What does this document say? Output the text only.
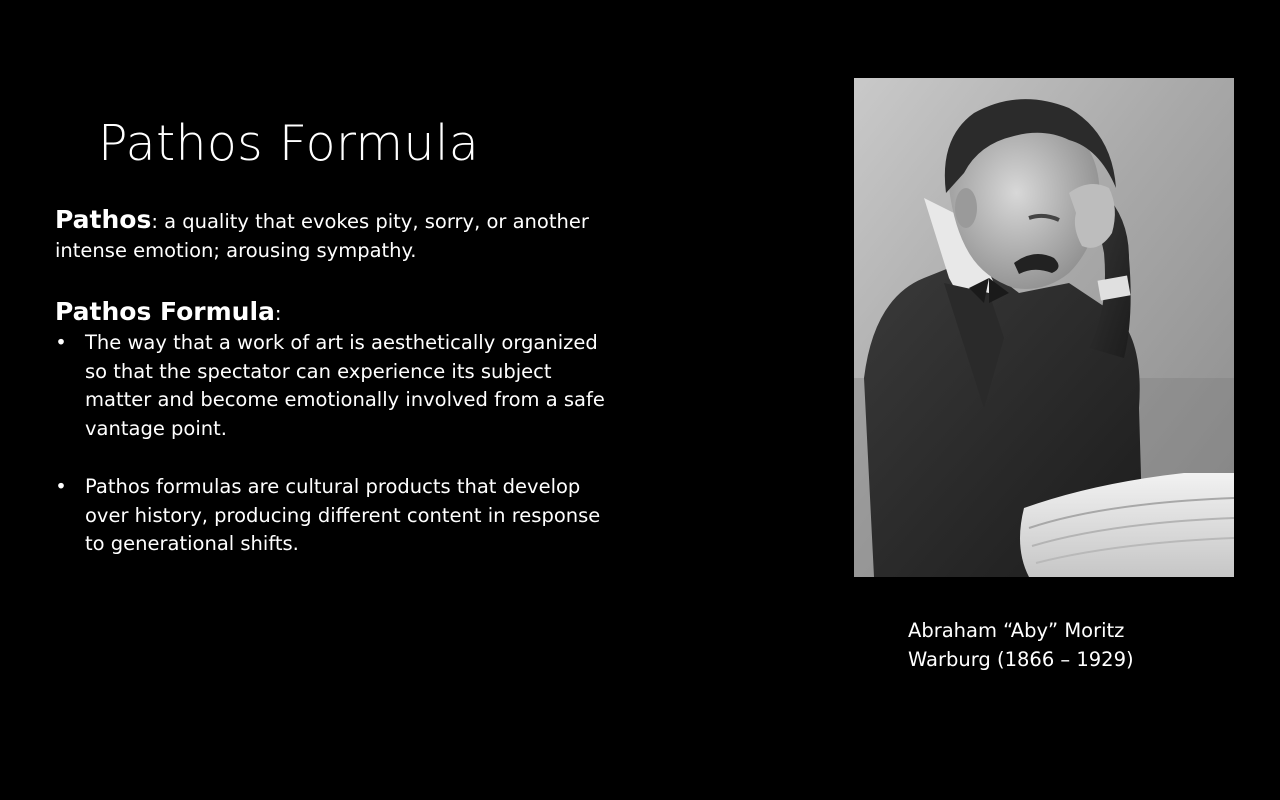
Pathos Formula

Pathos: a quality that evokes pity, sorry, or another intense emotion; arousing sympathy.

Pathos Formula:

• The way that a work of art is aesthetically organized so that the spectator can experience its subject matter and become emotionally involved from a safe vantage point.
• Pathos formulas are cultural products that develop over history, producing different content in response to generational shifts.
Abraham “Aby” Moritz
Warburg (1866 – 1929)
